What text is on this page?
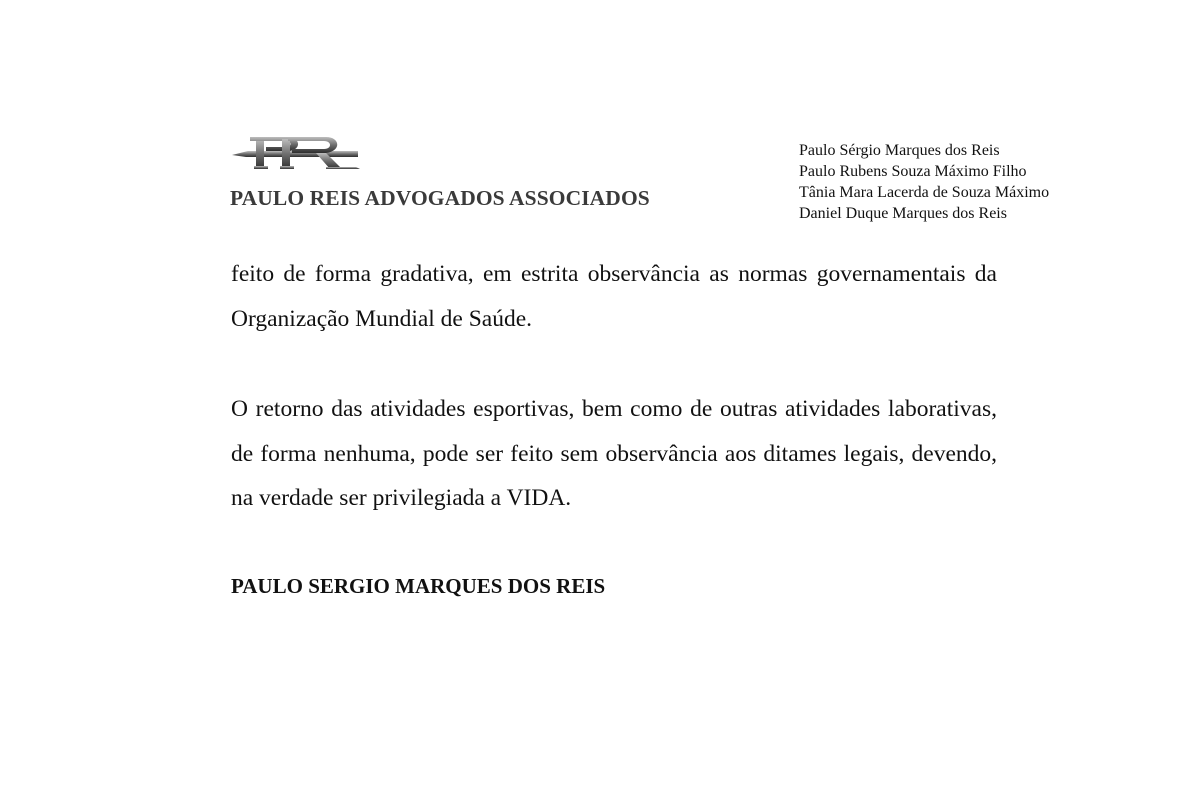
PAULO REIS ADVOGADOS ASSOCIADOS
Paulo Sérgio Marques dos Reis
Paulo Rubens Souza Máximo Filho
Tânia Mara Lacerda de Souza Máximo
Daniel Duque Marques dos Reis

feito de forma gradativa, em estrita observância as normas governamentais da Organização Mundial de Saúde.

O retorno das atividades esportivas, bem como de outras atividades laborativas, de forma nenhuma, pode ser feito sem observância aos ditames legais, devendo, na verdade ser privilegiada a VIDA.

PAULO SERGIO MARQUES DOS REIS
